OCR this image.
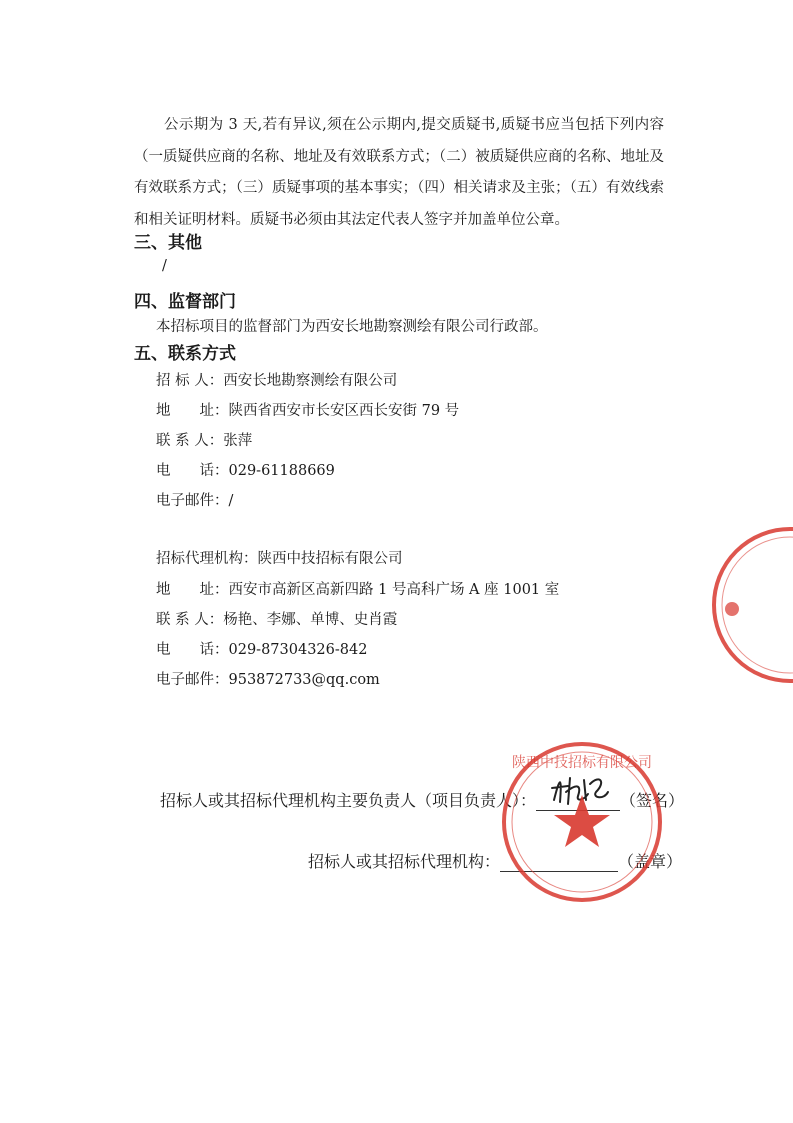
公示期为 3 天,若有异议,须在公示期内,提交质疑书,质疑书应当包括下列内容（一质疑供应商的名称、地址及有效联系方式；（二）被质疑供应商的名称、地址及有效联系方式；（三）质疑事项的基本事实；（四）相关请求及主张；（五）有效线索和相关证明材料。质疑书必须由其法定代表人签字并加盖单位公章。

三、其他

/

四、监督部门

本招标项目的监督部门为西安长地勘察测绘有限公司行政部。

五、联系方式

招 标 人：西安长地勘察测绘有限公司

地　　址：陕西省西安市长安区西长安街 79 号

联 系 人：张萍

电　　话：029-61188669

电子邮件：/

招标代理机构：陕西中技招标有限公司

地　　址：西安市高新区高新四路 1 号高科广场 A 座 1001 室

联 系 人：杨艳、李娜、单博、史肖霞

电　　话：029-87304326-842

电子邮件：953872733@qq.com

招标人或其招标代理机构主要负责人（项目负责人）：	（签名）

招标人或其招标代理机构：	（盖章）

陕西中技招标有限公司
